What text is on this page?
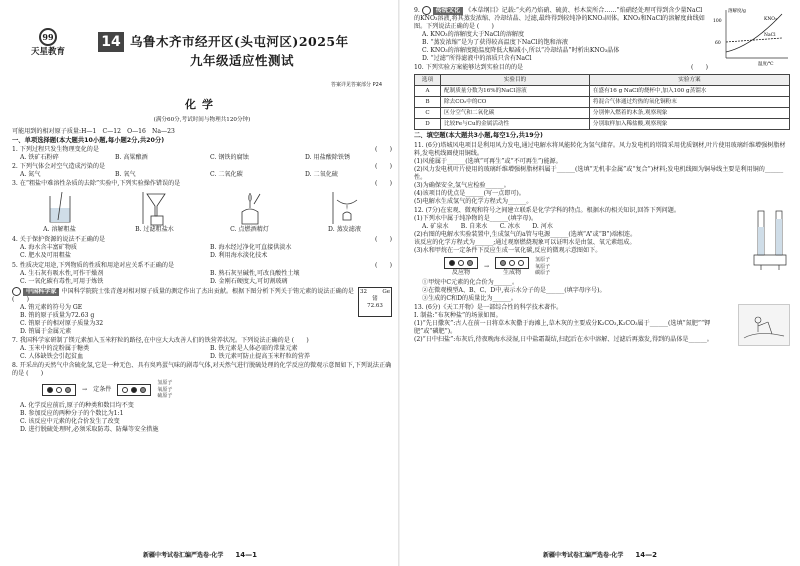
99
天星教育
14 乌鲁木齐市经开区(头屯河区)2025年
九年级适应性测试
答案详见答案部分 P24
化学
(满分60分,考试时间与物理共120分钟)
可能用到的相对原子质量:H—1　C—12　O—16　Na—23
一、单项选择题(本大题共10小题,每小题2分,共20分)
1. 下列过程只发生物理变化的是	(　　)
A. 铁矿石粉碎	B. 高粱酿酒	C. 钢铁的腐蚀	D. 用盐酸除铁锈
2. 下列气体会对空气造成污染的是	(　　)
A. 氮气	B. 氧气	C. 二氧化碳	D. 二氧化硫
3. 在“粗盐中难溶性杂质的去除”实验中,下列实验操作错误的是	(　　)
A. 溶解粗盐	B. 过滤粗盐水	C. 点燃酒精灯	D. 蒸发滤液
4. 关于保护资源的说法不正确的是	(　　)
A. 海水含丰富矿物质	B. 海水经过净化可直接供淡水
C. 肥水及可用粗盐	D. 利用海水淡化技术
5. 性质决定用途,下列物质的性质和用途对应关系不正确的是	(　　)
A. 生石灰有吸水性,可作干燥剂	B. 熟石灰呈碱性,可改良酸性土壤
C. 一氧化碳有毒性,可用于炼铁	D. 金刚石硬度大,可切割玻璃
32	Ge
锗
72.63
中国科学家 中国科学院院士张青莲对相对原子质量的测定作出了杰出贡献。根据下图分析下列关于铕元素的说法正确的是 (　　)
A. 铕元素的符号为 GE
B. 铕的原子质量为72.63 g
C. 铕原子的相对原子质量为32
D. 铕属于金属元素
7. 我国科学家研制了镁元素加入玉米籽粒的路径,在中应大大改善人们的铁营养状况。下列说法正确的是 (　　)
A. 玉米中的淀粉属于糖类	B. 铁元素是人体必需的常量元素
C. 人体缺铁会引起贫血	D. 铁元素可防止提高玉米籽粒的营养
8. 开采出的天然气中含硫化氢,它是一种无色、具有臭鸡蛋气味的剧毒气体,对天然气进行脱硫处理的化学反应的微观示意图如下,下列说法正确的是 (　　)
→ 定条件
氢原子
氧原子
硫原子
A. 化学反应前后,原子的种类和数目均不变
B. 参加反应的两种分子的个数比为1:1
C. 该反应中元素的化合价发生了改变
D. 进行脱硫处理时,必须采取防毒、防爆等安全措施
新疆中考试卷汇编严选卷·化学 14—1
溶解度/g
100
60
KNO₃
NaCl
温度/℃
9. 传统文化 《本草纲目》记载:“火药乃焰硝、硫黄、杉木炭所合……”焰硝经处理可得到含少量NaCl的KNO₃溶液,将其蒸发浓缩、冷却结晶、过滤,最终得到较纯净的KNO₃固体。KNO₃和NaCl的溶解度曲线如图。下列说法正确的是 (　　)
A. KNO₃的溶解度大于NaCl的溶解度
B. “蒸发浓缩”是为了获得较高温度下NaCl的饱和溶液
C. KNO₃的溶解度随温度降低大幅减小,所以“冷却结晶”时析出KNO₃晶体
D. “过滤”所得滤液中的溶质只含有NaCl
10. 下列实验方案能够达到实验目的的是	(　　)
选项	实验目的	实验方案
A	配制质量分数为16%的NaCl溶液	在盛有16 g NaCl的烧杯中,加入100 g蒸馏水
B	除去CO₂中的CO	将混合气体通过灼热的氧化铜粉末
C	区分空气和二氧化碳	分别伸入燃着的木条,观察现象
D	比较Fe与Cu的金属活动性	分别取样加入稀盐酸,观察现象
二、填空题(本大题共3小题,每空1分,共19分)
11. (6分)塔城风电项目是利用风力发电,通过电解水将风能转化为氢气储存。风力发电机的塔筒采用优质钢材,叶片使用玻璃纤维增强树脂材料,发电机线圈使用铜线。
(1)风能属于______(选填“可再生”或“不可再生”)能源。
(2)风力发电机叶片使用的玻璃纤维增强树脂材料属于______(选填“无机非金属”或“复合”)材料;发电机线圈为铜导线主要是利用铜的______性。
(3)为确保安全,氢气应检验______。
(4)该项目的优点是______(写一点即可)。
(5)电解水生成氢气的化学方程式为______。
12. (7分)在宏观、微观和符号之间建立联系是化学学科的特点。根据水的相关知识,回答下列问题。
(1)下列水中属于纯净物的是______(填字母)。
A. 矿泉水　　B. 自来水　　C. 冰水　　D. 河水
(2)右图的电解水实验装置中,生成氢气的a管与电源______(选填“A”或“B”)端相连。
该反应的化学方程式为______;通过观察燃烧现象可以证明水是由氢、氧元素组成。
(3)水和甲烷在一定条件下反应生成一氧化碳,反应的微观示意图如下。
反应物
→
生成物
氢原子
氧原子
碳原子
①甲烷中C元素的化合价为______。
②在微观模型A、B、C、D中,表示水分子的是______(填字母序号)。
③生成的C和D的质量比为______。
13. (6分)《天工开物》是一部综合性的科学技术著作。
Ⅰ. 制盐:“布灰种盐”的场景如图。
(1)“先日撒灰”:古人在前一日将草木灰撒于海滩上,草木灰的主要成分K₂CO₃,K₂CO₃属于______(选填“氮肥”“钾肥”或“磷肥”)。
(2)“日中扫盐”:布灰后,待夜晚海水浸湿,日中盐霜凝结,扫起后在水中溶解、过滤后再蒸发,得到的晶体是______。
新疆中考试卷汇编严选卷·化学 14—2
